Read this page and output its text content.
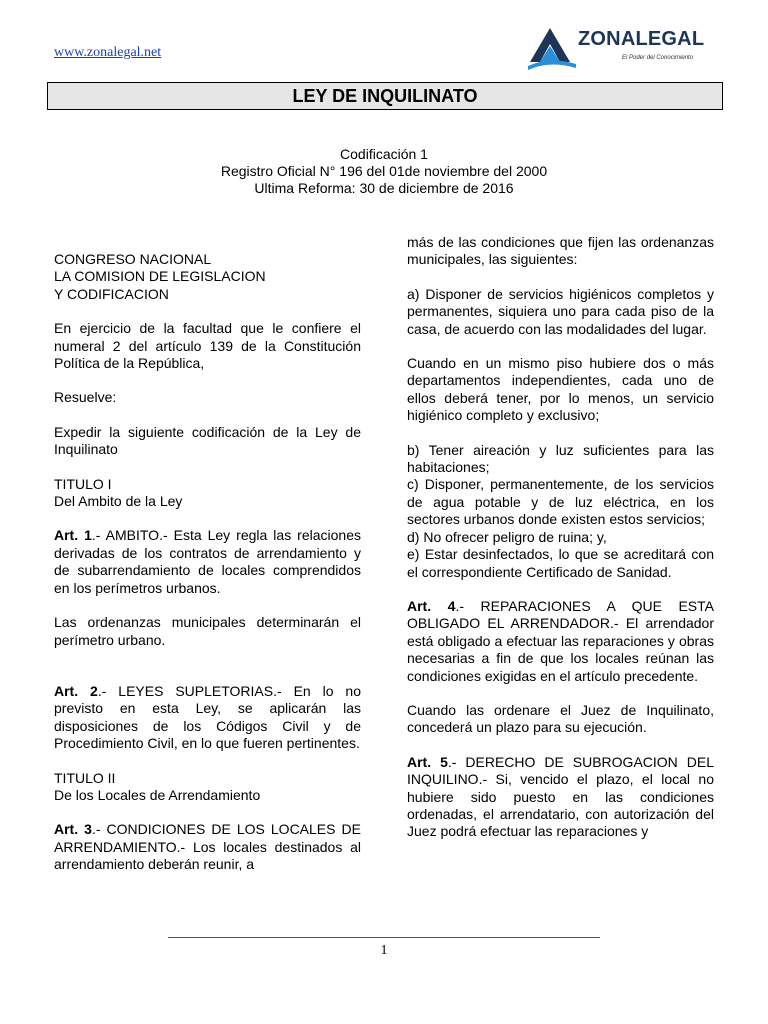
www.zonalegal.net
ZONALEGAL
El Poder del Conocimiento
LEY DE INQUILINATO
Codificación 1
Registro Oficial N° 196 del 01de noviembre del 2000
Ultima Reforma: 30 de diciembre de 2016

CONGRESO NACIONAL

LA COMISION DE LEGISLACION

Y CODIFICACION

En ejercicio de la facultad que le confiere el numeral 2 del artículo 139 de la Constitución Política de la República,

Resuelve:

Expedir la siguiente codificación de la Ley de Inquilinato

TITULO I

Del Ambito de la Ley

Art. 1.- AMBITO.- Esta Ley regla las relaciones derivadas de los contratos de arrendamiento y de subarrendamiento de locales comprendidos en los perímetros urbanos.

Las ordenanzas municipales determinarán el perímetro urbano.

Art. 2.- LEYES SUPLETORIAS.- En lo no previsto en esta Ley, se aplicarán las disposiciones de los Códigos Civil y de Procedimiento Civil, en lo que fueren pertinentes.

TITULO II

De los Locales de Arrendamiento

Art. 3.- CONDICIONES DE LOS LOCALES DE ARRENDAMIENTO.- Los locales destinados al arrendamiento deberán reunir, a

más de las condiciones que fijen las ordenanzas municipales, las siguientes:

a) Disponer de servicios higiénicos completos y permanentes, siquiera uno para cada piso de la casa, de acuerdo con las modalidades del lugar.

Cuando en un mismo piso hubiere dos o más departamentos independientes, cada uno de ellos deberá tener, por lo menos, un servicio higiénico completo y exclusivo;

b) Tener aireación y luz suficientes para las habitaciones;

c) Disponer, permanentemente, de los servicios de agua potable y de luz eléctrica, en los sectores urbanos donde existen estos servicios;

d) No ofrecer peligro de ruina; y,

e) Estar desinfectados, lo que se acreditará con el correspondiente Certificado de Sanidad.

Art. 4.- REPARACIONES A QUE ESTA OBLIGADO EL ARRENDADOR.- El arrendador está obligado a efectuar las reparaciones y obras necesarias a fin de que los locales reúnan las condiciones exigidas en el artículo precedente.

Cuando las ordenare el Juez de Inquilinato, concederá un plazo para su ejecución.

Art. 5.- DERECHO DE SUBROGACION DEL INQUILINO.- Si, vencido el plazo, el local no hubiere sido puesto en las condiciones ordenadas, el arrendatario, con autorización del Juez podrá efectuar las reparaciones y

1
